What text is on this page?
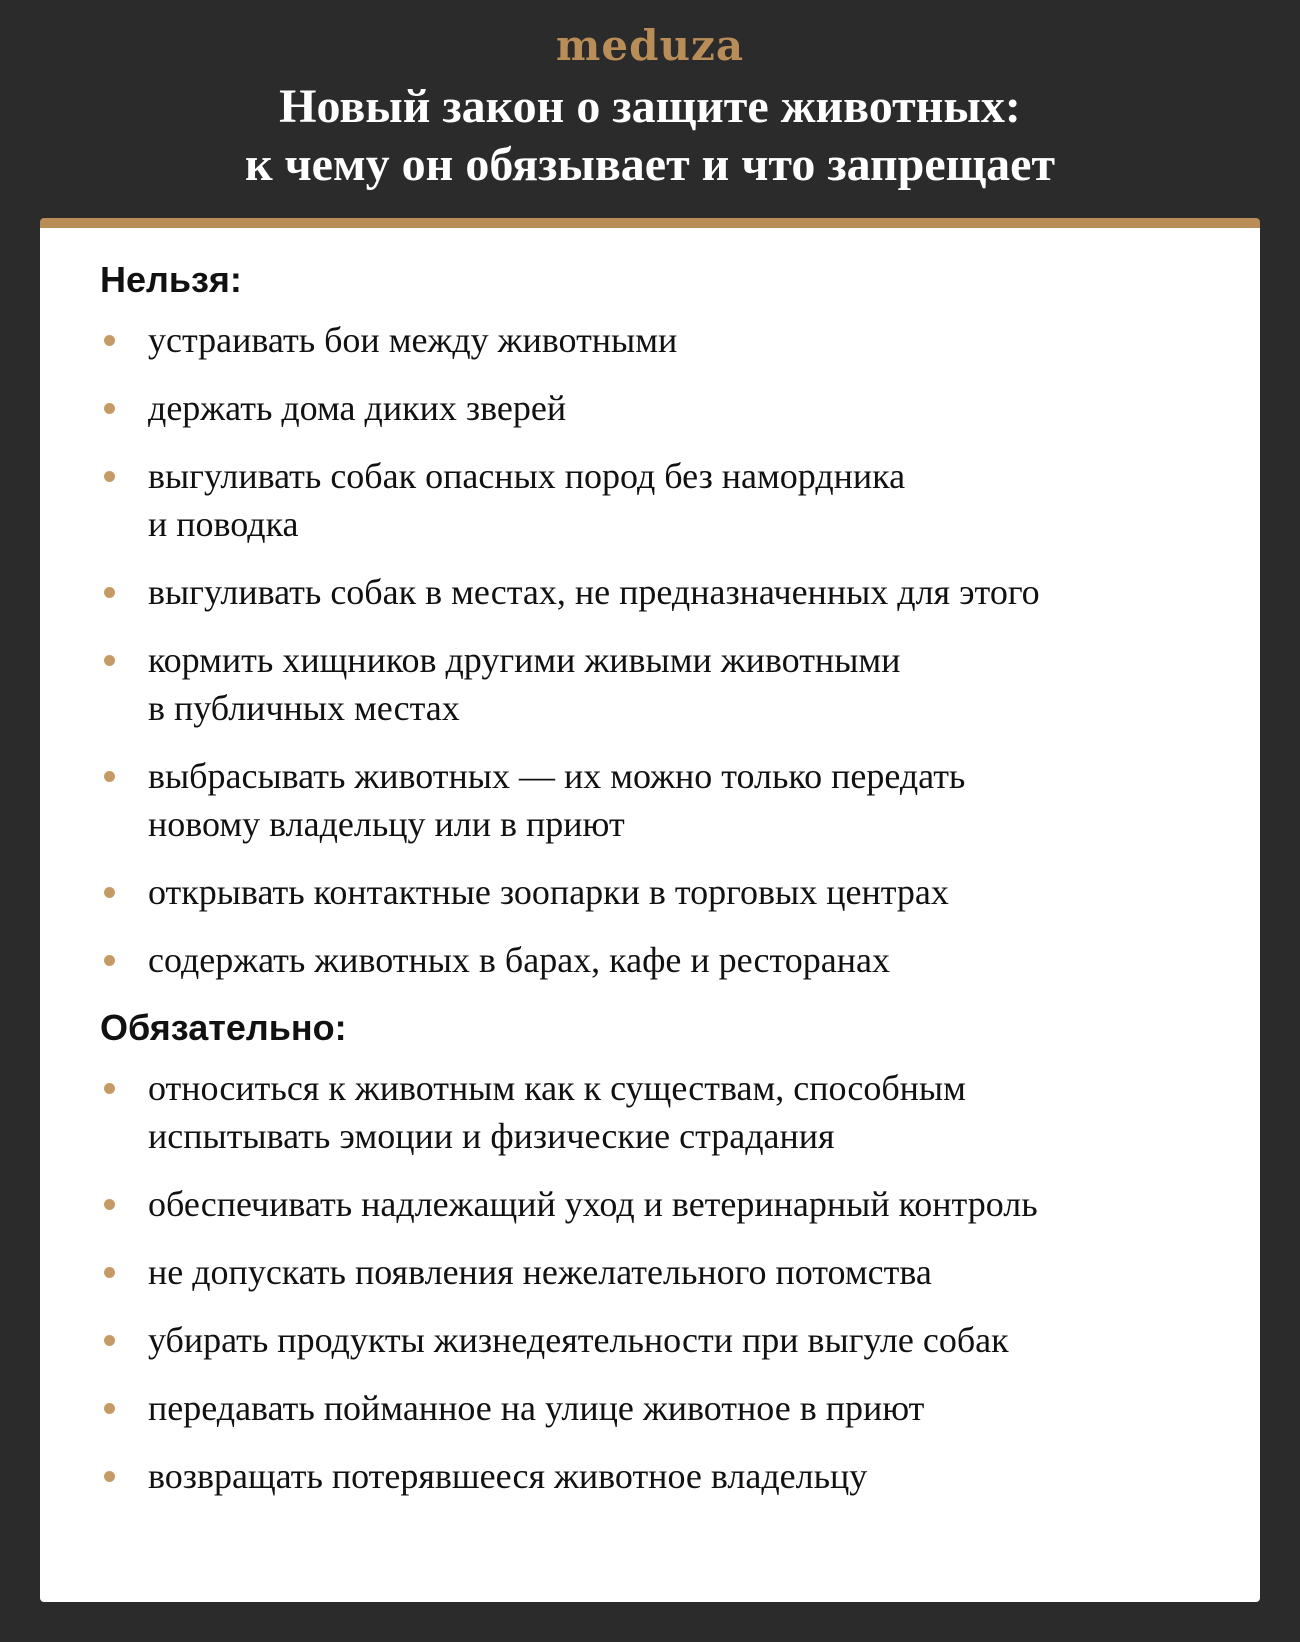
meduza
Новый закон о защите животных:
к чему он обязывает и что запрещает
Нельзя:
устраивать бои между животными
держать дома диких зверей
выгуливать собак опасных пород без намордника
и поводка
выгуливать собак в местах, не предназначенных для этого
кормить хищников другими живыми животными
в публичных местах
выбрасывать животных — их можно только передать
новому владельцу или в приют
открывать контактные зоопарки в торговых центрах
содержать животных в барах, кафе и ресторанах
Обязательно:
относиться к животным как к существам, способным
испытывать эмоции и физические страдания
обеспечивать надлежащий уход и ветеринарный контроль
не допускать появления нежелательного потомства
убирать продукты жизнедеятельности при выгуле собак
передавать пойманное на улице животное в приют
возвращать потерявшееся животное владельцу
